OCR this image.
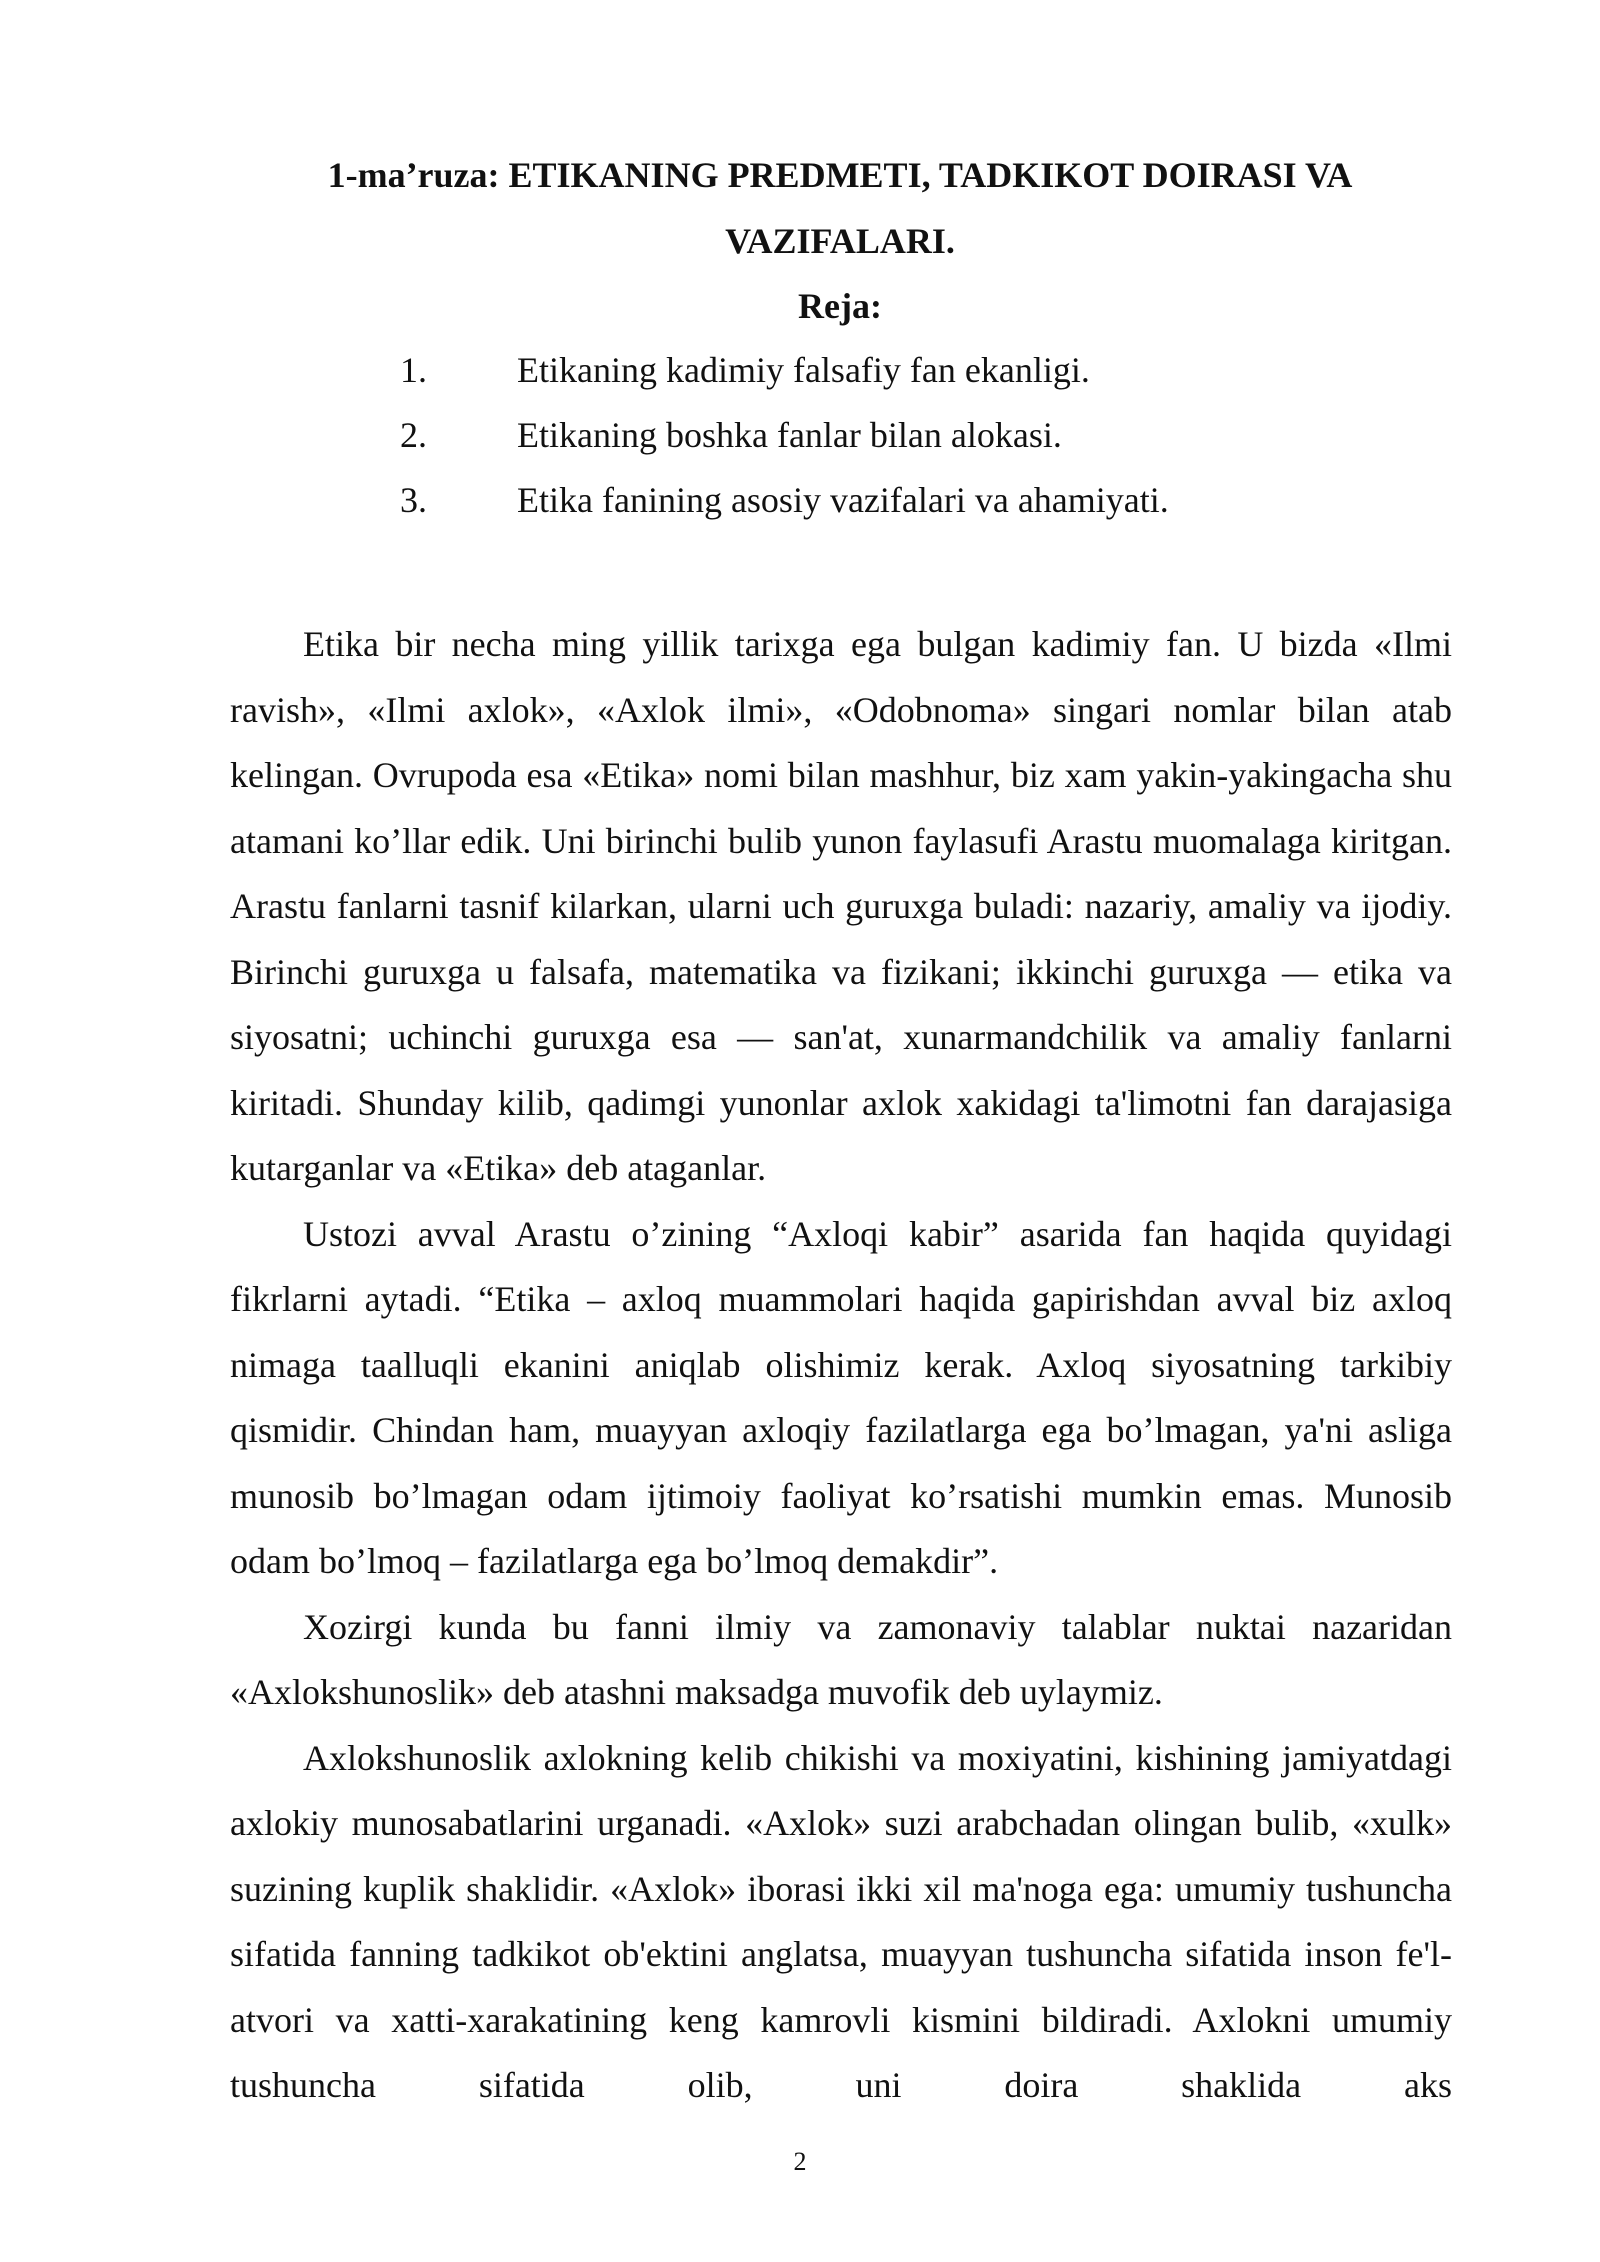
1-ma’ruza: ETIKANING PREDMETI, TADKIKOT DOIRASI VA VAZIFALARI.
Reja:
1.	Etikaning kadimiy falsafiy fan ekanligi.
2.	Etikaning boshka fanlar bilan alokasi.
3.	Etika fanining asosiy vazifalari va ahamiyati.

Etika bir necha ming yillik tarixga ega bulgan kadimiy fan. U bizda «Ilmi ravish», «Ilmi axlok», «Axlok ilmi», «Odobnoma» singari nomlar bilan atab kelingan. Ovrupoda esa «Etika» nomi bilan mashhur, biz xam yakin-yakingacha shu atamani ko’llar edik. Uni birinchi bulib yunon faylasufi Arastu muomalaga kiritgan. Arastu fanlarni tasnif kilarkan, ularni uch guruxga buladi: nazariy, amaliy va ijodiy. Birinchi guruxga u falsafa, matematika va fizikani; ikkinchi guruxga — etika va siyosatni; uchinchi guruxga esa — san'at, xunarmandchilik va amaliy fanlarni kiritadi. Shunday kilib, qadimgi yunonlar axlok xakidagi ta'limotni fan darajasiga kutarganlar va «Etika» deb ataganlar.

Ustozi avval Arastu o’zining “Axloqi kabir” asarida fan haqida quyidagi fikrlarni aytadi. “Etika – axloq muammolari haqida gapirishdan avval biz axloq nimaga taalluqli ekanini aniqlab olishimiz kerak. Axloq siyosatning tarkibiy qismidir. Chindan ham, muayyan axloqiy fazilatlarga ega bo’lmagan, ya'ni asliga munosib bo’lmagan odam ijtimoiy faoliyat ko’rsatishi mumkin emas. Munosib odam bo’lmoq – fazilatlarga ega bo’lmoq demakdir”.

Xozirgi kunda bu fanni ilmiy va zamonaviy talablar nuktai nazaridan «Axlokshunoslik» deb atashni maksadga muvofik deb uylaymiz.

Axlokshunoslik axlokning kelib chikishi va moxiyatini, kishining jamiyatdagi axlokiy munosabatlarini urganadi. «Axlok» suzi arabchadan olingan bulib, «xulk» suzining kuplik shaklidir. «Axlok» iborasi ikki xil ma'noga ega: umumiy tushuncha sifatida fanning tadkikot ob'ektini anglatsa, muayyan tushuncha sifatida inson fe'l-atvori va xatti-xarakatining keng kamrovli kismini bildiradi. Axlokni umumiy tushuncha sifatida olib, uni doira shaklida aks

2
